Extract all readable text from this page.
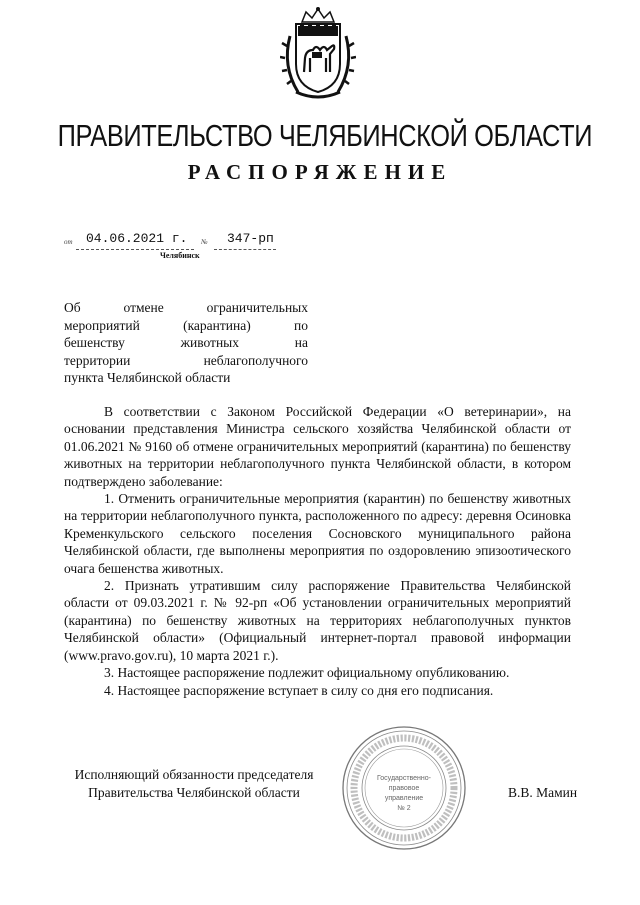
ПРАВИТЕЛЬСТВО ЧЕЛЯБИНСКОЙ ОБЛАСТИ
РАСПОРЯЖЕНИЕ
от 04.06.2021 г. № 347-рп
Челябинск
Об отмене ограничительных
мероприятий (карантина) по
бешенству животных на
территории неблагополучного
пункта Челябинской области

В соответствии с Законом Российской Федерации «О ветеринарии», на основании представления Министра сельского хозяйства Челябинской области от 01.06.2021 № 9160 об отмене ограничительных мероприятий (карантина) по бешенству животных на территории неблагополучного пункта Челябинской области, в котором подтверждено заболевание:

1. Отменить ограничительные мероприятия (карантин) по бешенству животных на территории неблагополучного пункта, расположенного по адресу: деревня Осиновка Кременкульского сельского поселения Сосновского муниципального района Челябинской области, где выполнены мероприятия по оздоровлению эпизоотического очага бешенства животных.

2. Признать утратившим силу распоряжение Правительства Челябинской области от 09.03.2021 г. № 92-рп «Об установлении ограничительных мероприятий (карантина) по бешенству животных на территориях неблагополучных пунктов Челябинской области» (Официальный интернет-портал правовой информации (www.pravo.gov.ru), 10 марта 2021 г.).

3. Настоящее распоряжение подлежит официальному опубликованию.

4. Настоящее распоряжение вступает в силу со дня его подписания.

Исполняющий обязанности председателя
Правительства Челябинской области	В.В. Мамин
Государственно-
правовое
управление
№ 2
